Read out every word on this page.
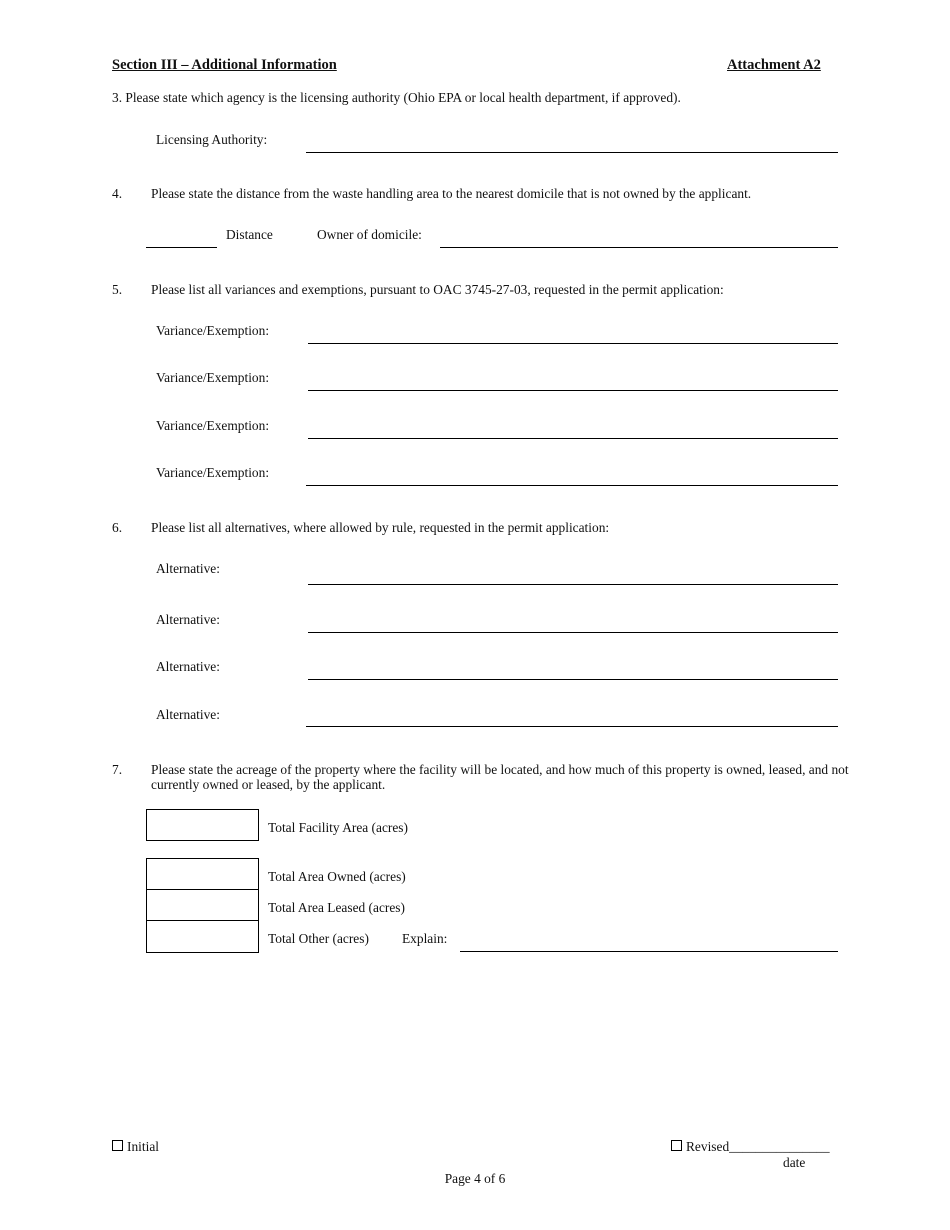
Section III – Additional Information	Attachment A2
3. Please state which agency is the licensing authority (Ohio EPA or local health department, if approved).
Licensing Authority:
4. Please state the distance from the waste handling area to the nearest domicile that is not owned by the applicant.
Distance	Owner of domicile:
5. Please list all variances and exemptions, pursuant to OAC 3745-27-03, requested in the permit application:
Variance/Exemption:
Variance/Exemption:
Variance/Exemption:
Variance/Exemption:
6. Please list all alternatives, where allowed by rule, requested in the permit application:
Alternative:
Alternative:
Alternative:
Alternative:
7. Please state the acreage of the property where the facility will be located, and how much of this property is owned, leased, and not currently owned or leased, by the applicant.
Total Facility Area (acres)
Total Area Owned (acres)
Total Area Leased (acres)
Total Other (acres) Explain:
Initial	Revised_______________
date
Page 4 of 6
